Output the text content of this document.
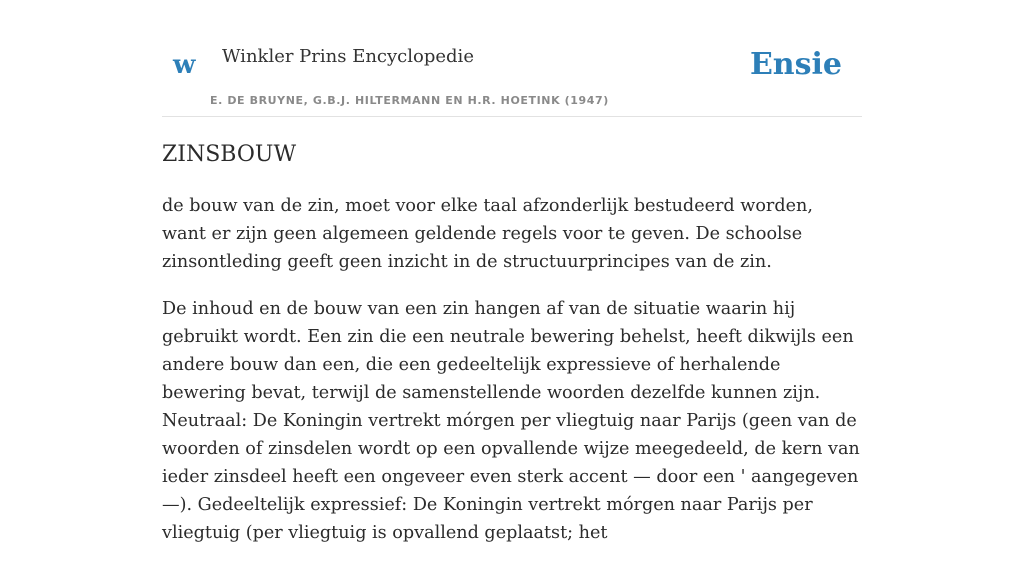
w Winkler Prins Encyclopedie
E. DE BRUYNE, G.B.J. HILTERMANN EN H.R. HOETINK (1947)
Ensie
ZINSBOUW

de bouw van de zin, moet voor elke taal afzonderlijk bestudeerd worden, want er zijn geen algemeen geldende regels voor te geven. De schoolse zinsontleding geeft geen inzicht in de structuurprincipes van de zin.

De inhoud en de bouw van een zin hangen af van de situatie waarin hij gebruikt wordt. Een zin die een neutrale bewering behelst, heeft dikwijls een andere bouw dan een, die een gedeeltelijk expressieve of herhalende bewering bevat, terwijl de samenstellende woorden dezelfde kunnen zijn. Neutraal: De Koningin vertrekt mórgen per vliegtuig naar Parijs (geen van de woorden of zinsdelen wordt op een opvallende wijze meegedeeld, de kern van ieder zinsdeel heeft een ongeveer even sterk accent — door een ' aangegeven—). Gedeeltelijk expressief: De Koningin vertrekt mórgen naar Parijs per vliegtuig (per vliegtuig is opvallend geplaatst; het
